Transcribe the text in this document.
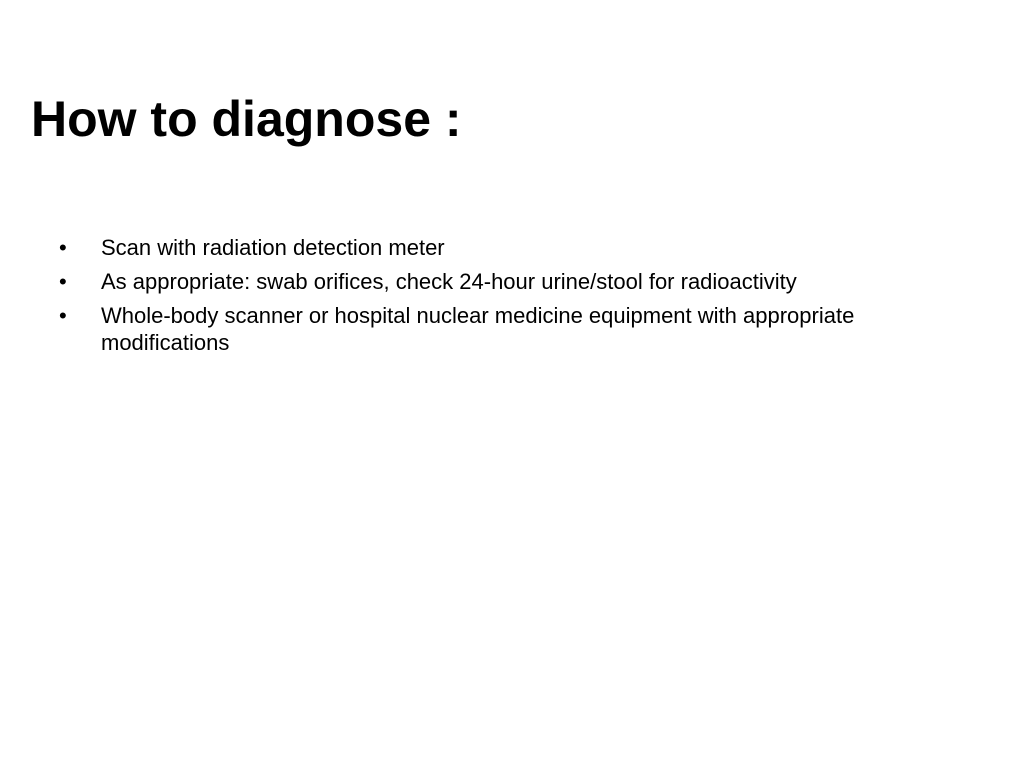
How to diagnose :
•	Scan with radiation detection meter
•	As appropriate: swab orifices, check 24-hour urine/stool for radioactivity
•	Whole-body scanner or hospital nuclear medicine equipment with appropriate modifications
